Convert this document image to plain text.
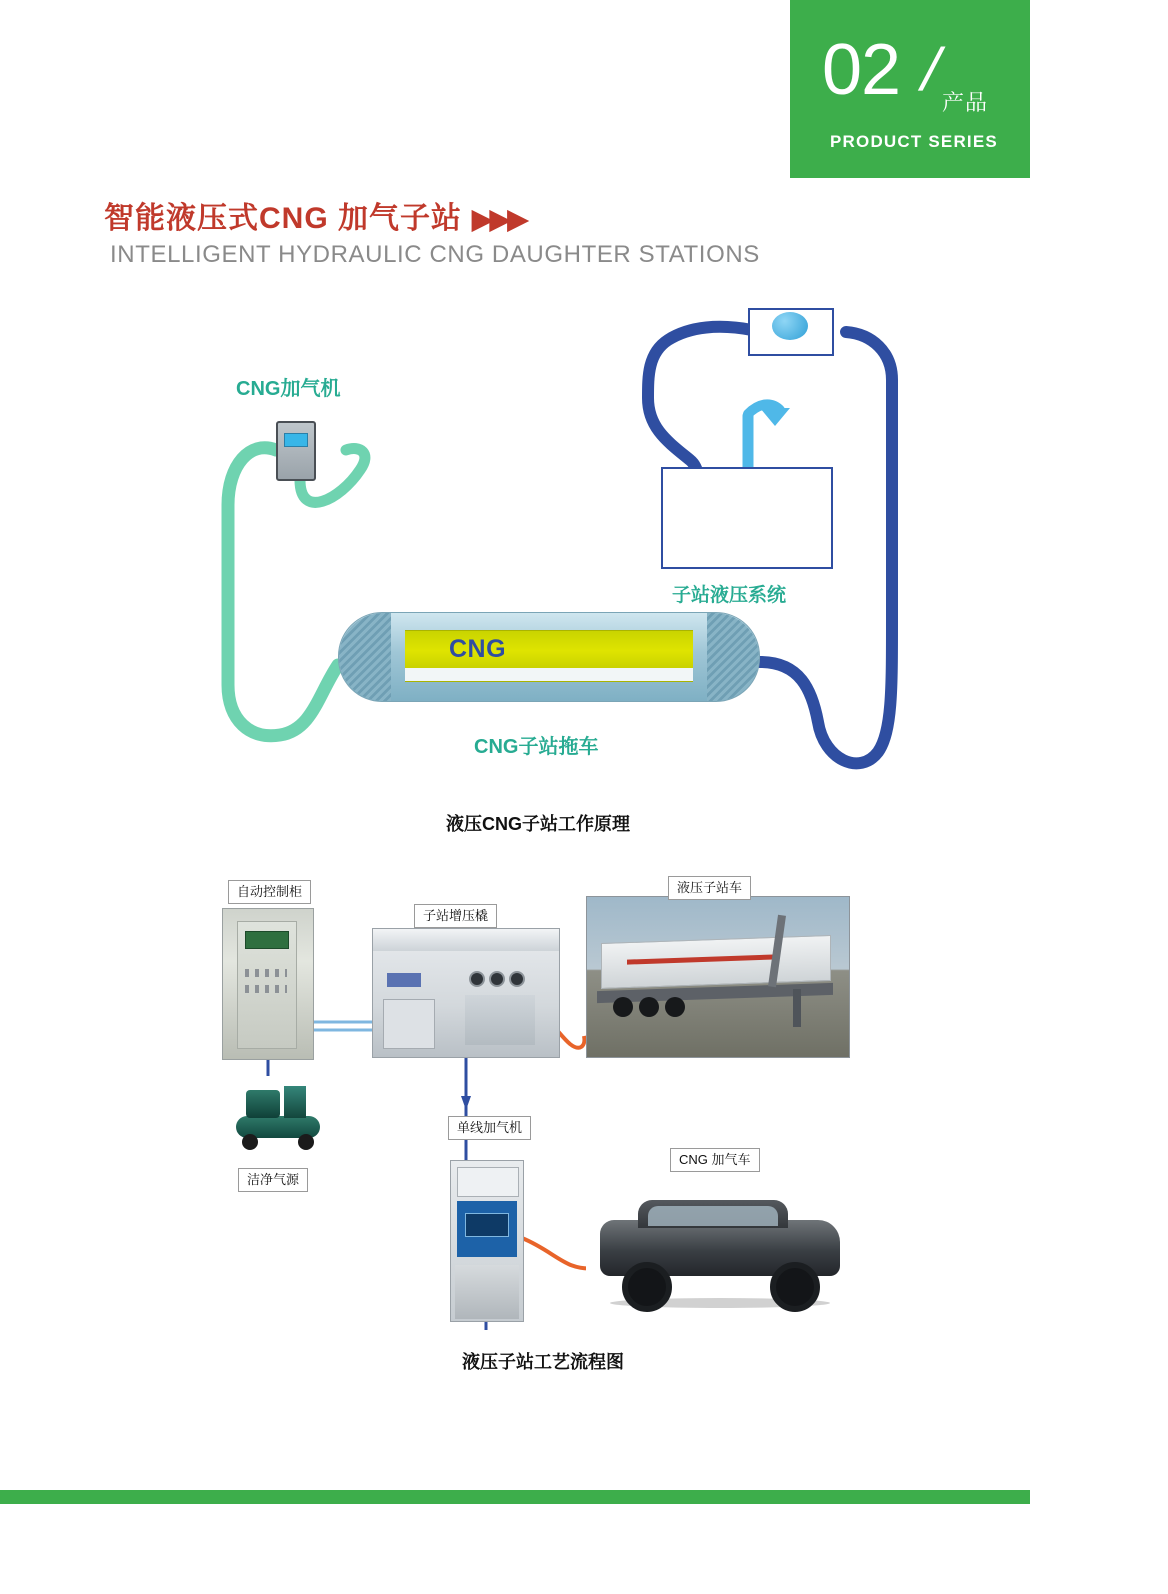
02 /
产品
PRODUCT SERIES
智能液压式CNG 加气子站 ▶▶▶
INTELLIGENT HYDRAULIC CNG DAUGHTER STATIONS
CNG加气机
子站液压系统
CNG
CNG子站拖车
液压CNG子站工作原理
自动控制柜
子站增压橇
液压子站车
洁净气源
单线加气机
CNG 加气车
液压子站工艺流程图
